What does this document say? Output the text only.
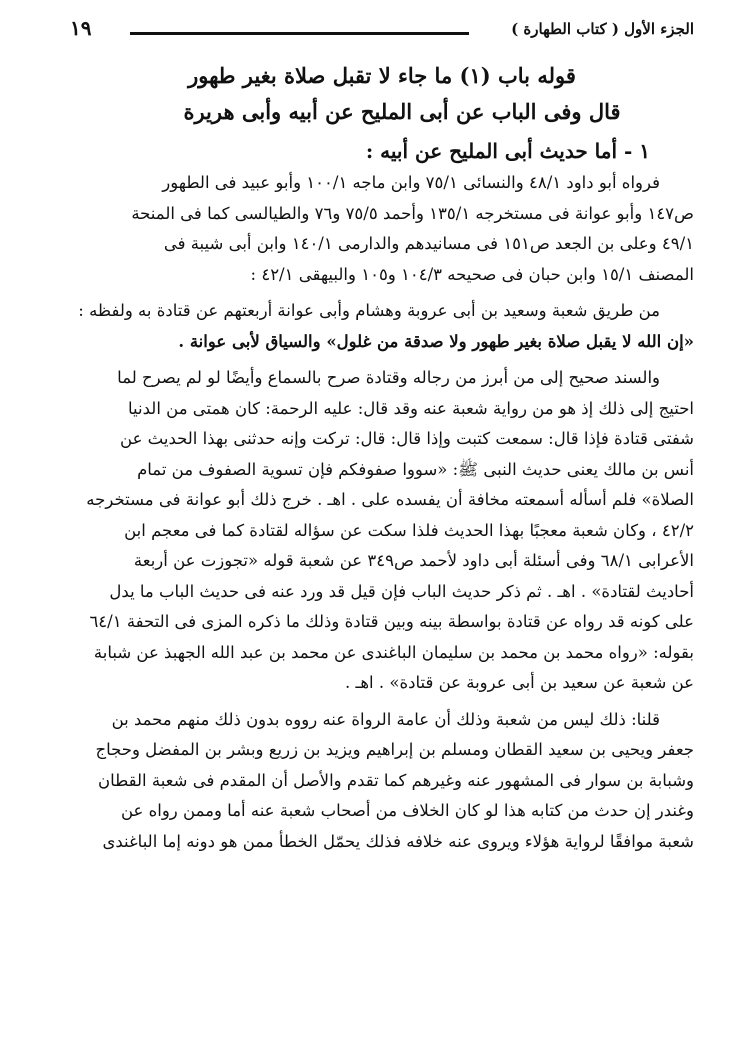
الجزء الأول ( كتاب الطهارة )
١٩
قوله باب (١) ما جاء لا تقبل صلاة بغير طهور
قال وفى الباب عن أبى المليح عن أبيه وأبى هريرة
١ - أما حديث أبى المليح عن أبيه :
فرواه أبو داود ٤٨/١ والنسائى ٧٥/١ وابن ماجه ١٠٠/١ وأبو عبيد فى الطهور
ص١٤٧ وأبو عوانة فى مستخرجه ١٣٥/١ وأحمد ٧٥/٥ و٧٦ والطيالسى كما فى المنحة
٤٩/١ وعلى بن الجعد ص١٥١ فى مسانيدهم والدارمى ١٤٠/١ وابن أبى شيبة فى
المصنف ١٥/١ وابن حبان فى صحيحه ١٠٤/٣ و١٠٥ والبيهقى ٤٢/١ :
من طريق شعبة وسعيد بن أبى عروبة وهشام وأبى عوانة أربعتهم عن قتادة به ولفظه :
«إن الله لا يقبل صلاة بغير طهور ولا صدقة من غلول» والسياق لأبى عوانة .
والسند صحيح إلى من أبرز من رجاله وقتادة صرح بالسماع وأيضًا لو لم يصرح لما
احتيج إلى ذلك إذ هو من رواية شعبة عنه وقد قال: عليه الرحمة: كان همتى من الدنيا
شفتى قتادة فإذا قال: سمعت كتبت وإذا قال: قال: تركت وإنه حدثنى بهذا الحديث عن
أنس بن مالك يعنى حديث النبى ﷺ: «سووا صفوفكم فإن تسوية الصفوف من تمام
الصلاة» فلم أسأله أسمعته مخافة أن يفسده على . اهـ . خرج ذلك أبو عوانة فى مستخرجه
٤٢/٢ ، وكان شعبة معجبًا بهذا الحديث فلذا سكت عن سؤاله لقتادة كما فى معجم ابن
الأعرابى ٦٨/١ وفى أسئلة أبى داود لأحمد ص٣٤٩ عن شعبة قوله «تجوزت عن أربعة
أحاديث لقتادة» . اهـ . ثم ذكر حديث الباب فإن قيل قد ورد عنه فى حديث الباب ما يدل
على كونه قد رواه عن قتادة بواسطة بينه وبين قتادة وذلك ما ذكره المزى فى التحفة ٦٤/١
بقوله: «رواه محمد بن محمد بن سليمان الباغندى عن محمد بن عبد الله الجهبذ عن شبابة
عن شعبة عن سعيد بن أبى عروبة عن قتادة» . اهـ .
قلنا: ذلك ليس من شعبة وذلك أن عامة الرواة عنه رووه بدون ذلك منهم محمد بن
جعفر ويحيى بن سعيد القطان ومسلم بن إبراهيم ويزيد بن زريع وبشر بن المفضل وحجاج
وشبابة بن سوار فى المشهور عنه وغيرهم كما تقدم والأصل أن المقدم فى شعبة القطان
وغندر إن حدث من كتابه هذا لو كان الخلاف من أصحاب شعبة عنه أما وممن رواه عن
شعبة موافقًا لرواية هؤلاء ويروى عنه خلافه فذلك يحمّل الخطأ ممن هو دونه إما الباغندى
